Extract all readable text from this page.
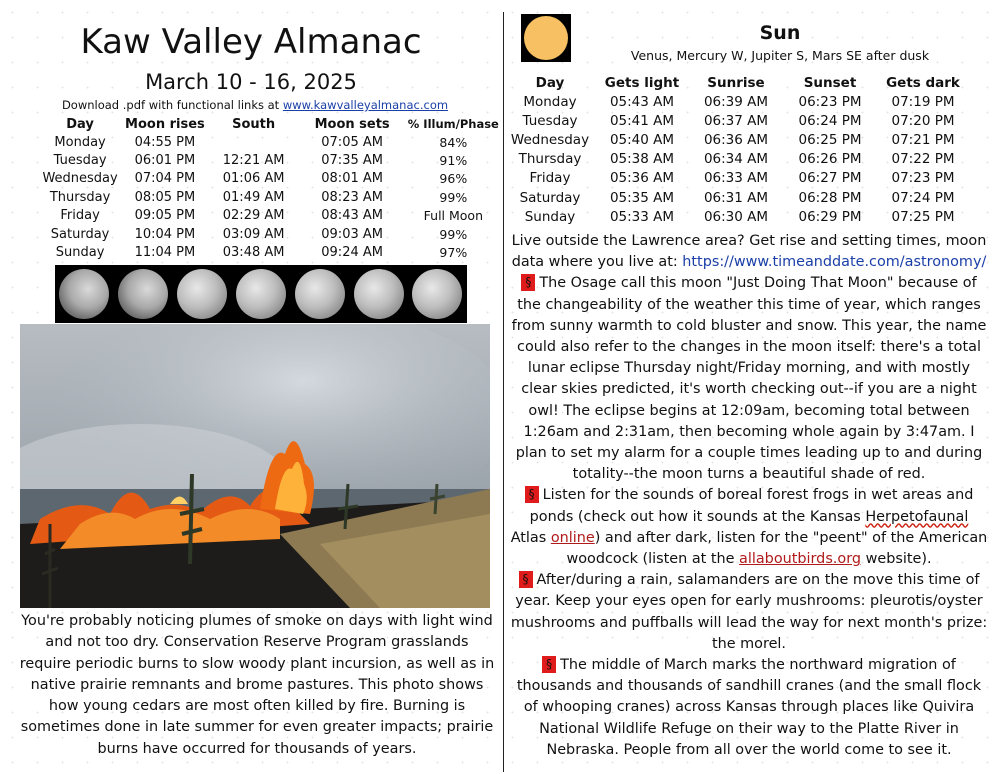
Kaw Valley Almanac
March 10 - 16, 2025
Download .pdf with functional links at www.kawvalleyalmanac.com
Day	Moon rises	South	Moon sets	% Illum/Phase
Monday	04:55 PM		07:05 AM	84%
Tuesday	06:01 PM	12:21 AM	07:35 AM	91%
Wednesday	07:04 PM	01:06 AM	08:01 AM	96%
Thursday	08:05 PM	01:49 AM	08:23 AM	99%
Friday	09:05 PM	02:29 AM	08:43 AM	Full Moon
Saturday	10:04 PM	03:09 AM	09:03 AM	99%
Sunday	11:04 PM	03:48 AM	09:24 AM	97%
You're probably noticing plumes of smoke on days with light wind and not too dry. Conservation Reserve Program grasslands require periodic burns to slow woody plant incursion, as well as in native prairie remnants and brome pastures. This photo shows how young cedars are most often killed by fire. Burning is sometimes done in late summer for even greater impacts; prairie burns have occurred for thousands of years.
Sun
Venus, Mercury W, Jupiter S, Mars SE after dusk
Day	Gets light	Sunrise	Sunset	Gets dark
Monday	05:43 AM	06:39 AM	06:23 PM	07:19 PM
Tuesday	05:41 AM	06:37 AM	06:24 PM	07:20 PM
Wednesday	05:40 AM	06:36 AM	06:25 PM	07:21 PM
Thursday	05:38 AM	06:34 AM	06:26 PM	07:22 PM
Friday	05:36 AM	06:33 AM	06:27 PM	07:23 PM
Saturday	05:35 AM	06:31 AM	06:28 PM	07:24 PM
Sunday	05:33 AM	06:30 AM	06:29 PM	07:25 PM

Live outside the Lawrence area? Get rise and setting times, moon data where you live at: https://www.timeanddate.com/astronomy/

§ The Osage call this moon "Just Doing That Moon" because of the changeability of the weather this time of year, which ranges from sunny warmth to cold bluster and snow. This year, the name could also refer to the changes in the moon itself: there's a total lunar eclipse Thursday night/Friday morning, and with mostly clear skies predicted, it's worth checking out--if you are a night owl! The eclipse begins at 12:09am, becoming total between 1:26am and 2:31am, then becoming whole again by 3:47am. I plan to set my alarm for a couple times leading up to and during totality--the moon turns a beautiful shade of red.

§ Listen for the sounds of boreal forest frogs in wet areas and ponds (check out how it sounds at the Kansas Herpetofaunal Atlas online) and after dark, listen for the "peent" of the American woodcock (listen at the allaboutbirds.org website).

§ After/during a rain, salamanders are on the move this time of year. Keep your eyes open for early mushrooms: pleurotis/oyster mushrooms and puffballs will lead the way for next month's prize: the morel.

§ The middle of March marks the northward migration of thousands and thousands of sandhill cranes (and the small flock of whooping cranes) across Kansas through places like Quivira National Wildlife Refuge on their way to the Platte River in Nebraska. People from all over the world come to see it.
